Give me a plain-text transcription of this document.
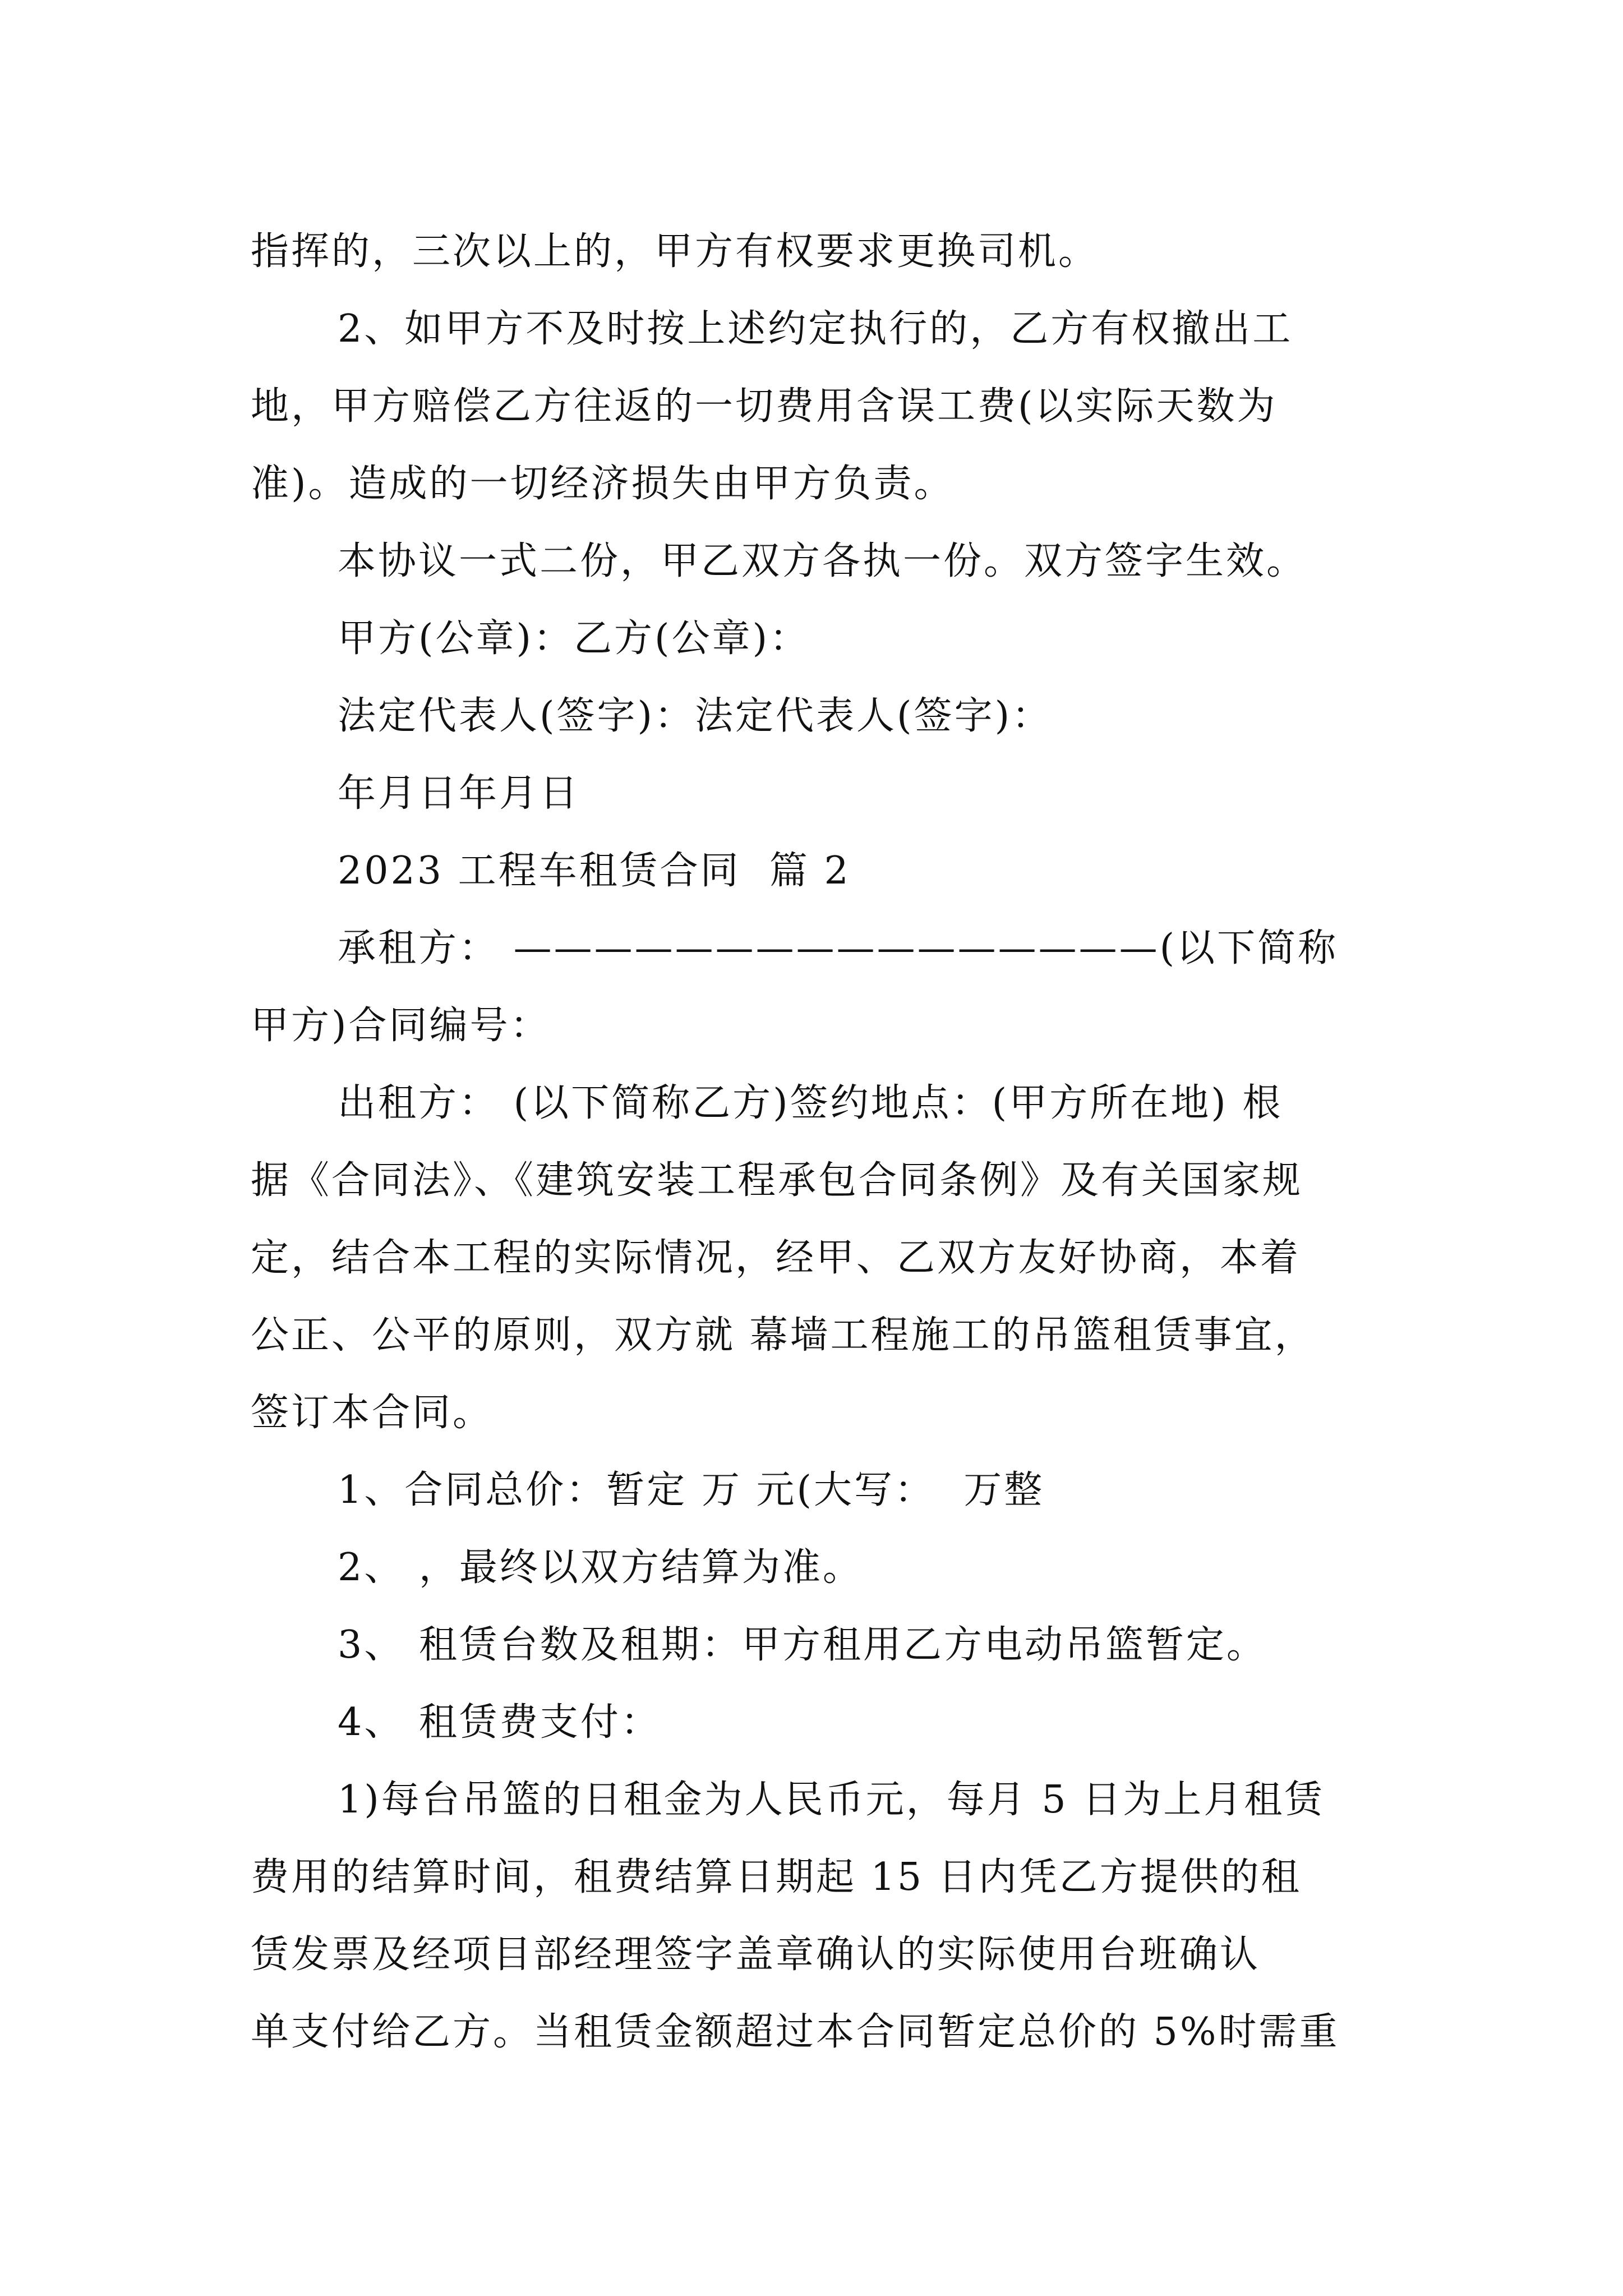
指挥的，三次以上的，甲方有权要求更换司机。
2、如甲方不及时按上述约定执行的，乙方有权撤出工
地，甲方赔偿乙方往返的一切费用含误工费(以实际天数为
准)。造成的一切经济损失由甲方负责。
本协议一式二份，甲乙双方各执一份。双方签字生效。
甲方(公章)：乙方(公章)：
法定代表人(签字)：法定代表人(签字)：
年月日年月日
2023 工程车租赁合同  篇 2
承租方： ————————————————(以下简称
甲方)合同编号：
出租方： (以下简称乙方)签约地点：(甲方所在地) 根
据《合同法》、《建筑安装工程承包合同条例》及有关国家规
定，结合本工程的实际情况，经甲、乙双方友好协商，本着
公正、公平的原则，双方就 幕墙工程施工的吊篮租赁事宜，
签订本合同。
1、合同总价：暂定 万 元(大写：  万整
2、 ，最终以双方结算为准。
3、 租赁台数及租期：甲方租用乙方电动吊篮暂定。
4、 租赁费支付：
1)每台吊篮的日租金为人民币元，每月 5 日为上月租赁
费用的结算时间，租费结算日期起 15 日内凭乙方提供的租
赁发票及经项目部经理签字盖章确认的实际使用台班确认
单支付给乙方。当租赁金额超过本合同暂定总价的 5%时需重
